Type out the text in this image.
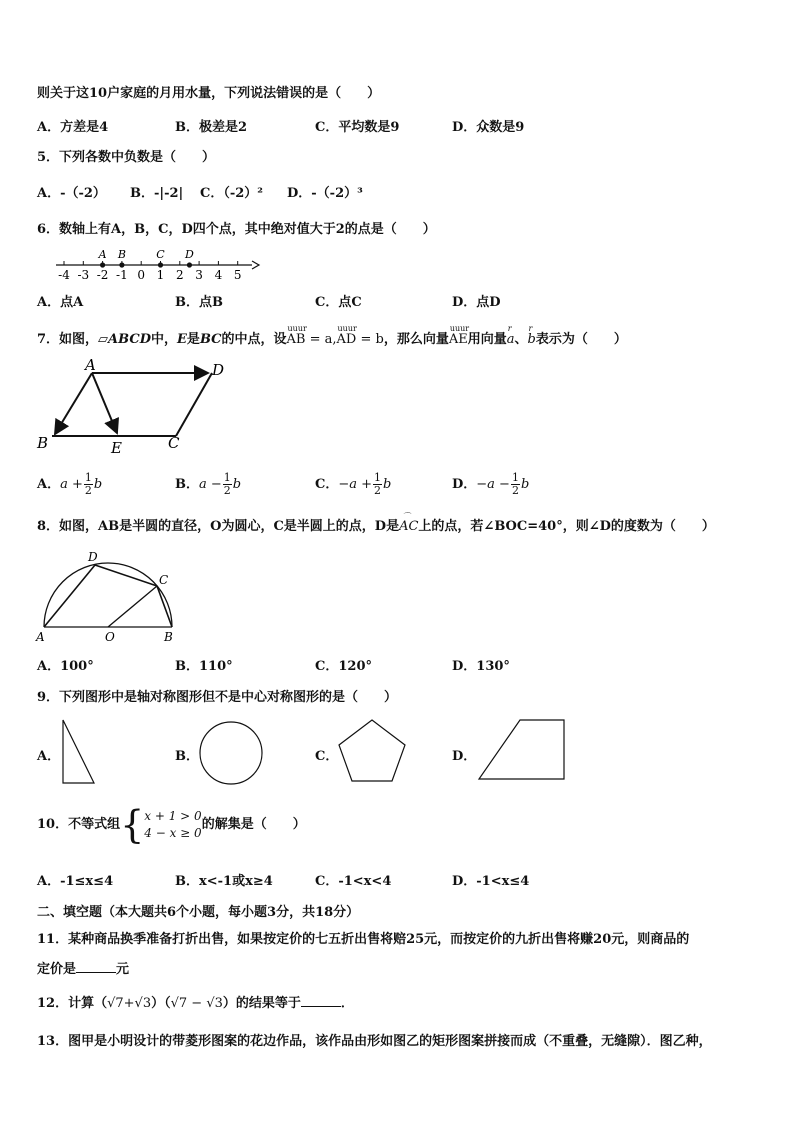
则关于这10户家庭的月用水量，下列说法错误的是（　　）
A．方差是4	B．极差是2	C．平均数是9	D．众数是9
5．下列各数中负数是（　　）
A．-（-2） B．-|-2| C．（-2）² D．-（-2）³
6．数轴上有A，B，C，D四个点，其中绝对值大于2的点是（　　）
-4 -3 -2 -1 0 1 2 3 4 5
A B	C D
A．点A	B．点B	C．点C	D．点D
7．如图，▱ABCD中，E是BC的中点，设
uuur
AB = a,
uuur
AD = b，那么向量
uuur
AE用向量
r
a、
r
b表示为（　　）
A
B	C
D
E
A．$a + \frac{1}{2}$ b	B．$a - \frac{1}{2}$ b	C．$-a + \frac{1}{2}$ b	D．$-a - \frac{1}{2}$ b
8．如图，AB是半圆的直径，O为圆心，C是半圆上的点，D是
⌒
AC上的点，若∠BOC=40°，则∠D的度数为（　　）
A	O	B
C
D
A．100°	B．110°	C．120°	D．130°
9．下列图形中是轴对称图形但不是中心对称图形的是（　　）
A．	B．	C．	D．
10．不等式组{ x + 1 > 0
4 − x ≥ 0
的解集是（　　）
A．-1≤x≤4	B．x<-1或x≥4	C．-1<x<4	D．-1<x≤4
二、填空题（本大题共6个小题，每小题3分，共18分）
11．某种商品换季准备打折出售，如果按定价的七五折出售将赔25元，而按定价的九折出售将赚20元，则商品的
定价是	元
12．计算（√7+√3）（√7 − √3）的结果等于	．
13．图甲是小明设计的带菱形图案的花边作品，该作品由形如图乙的矩形图案拼接而成（不重叠，无缝隙）．图乙种，
